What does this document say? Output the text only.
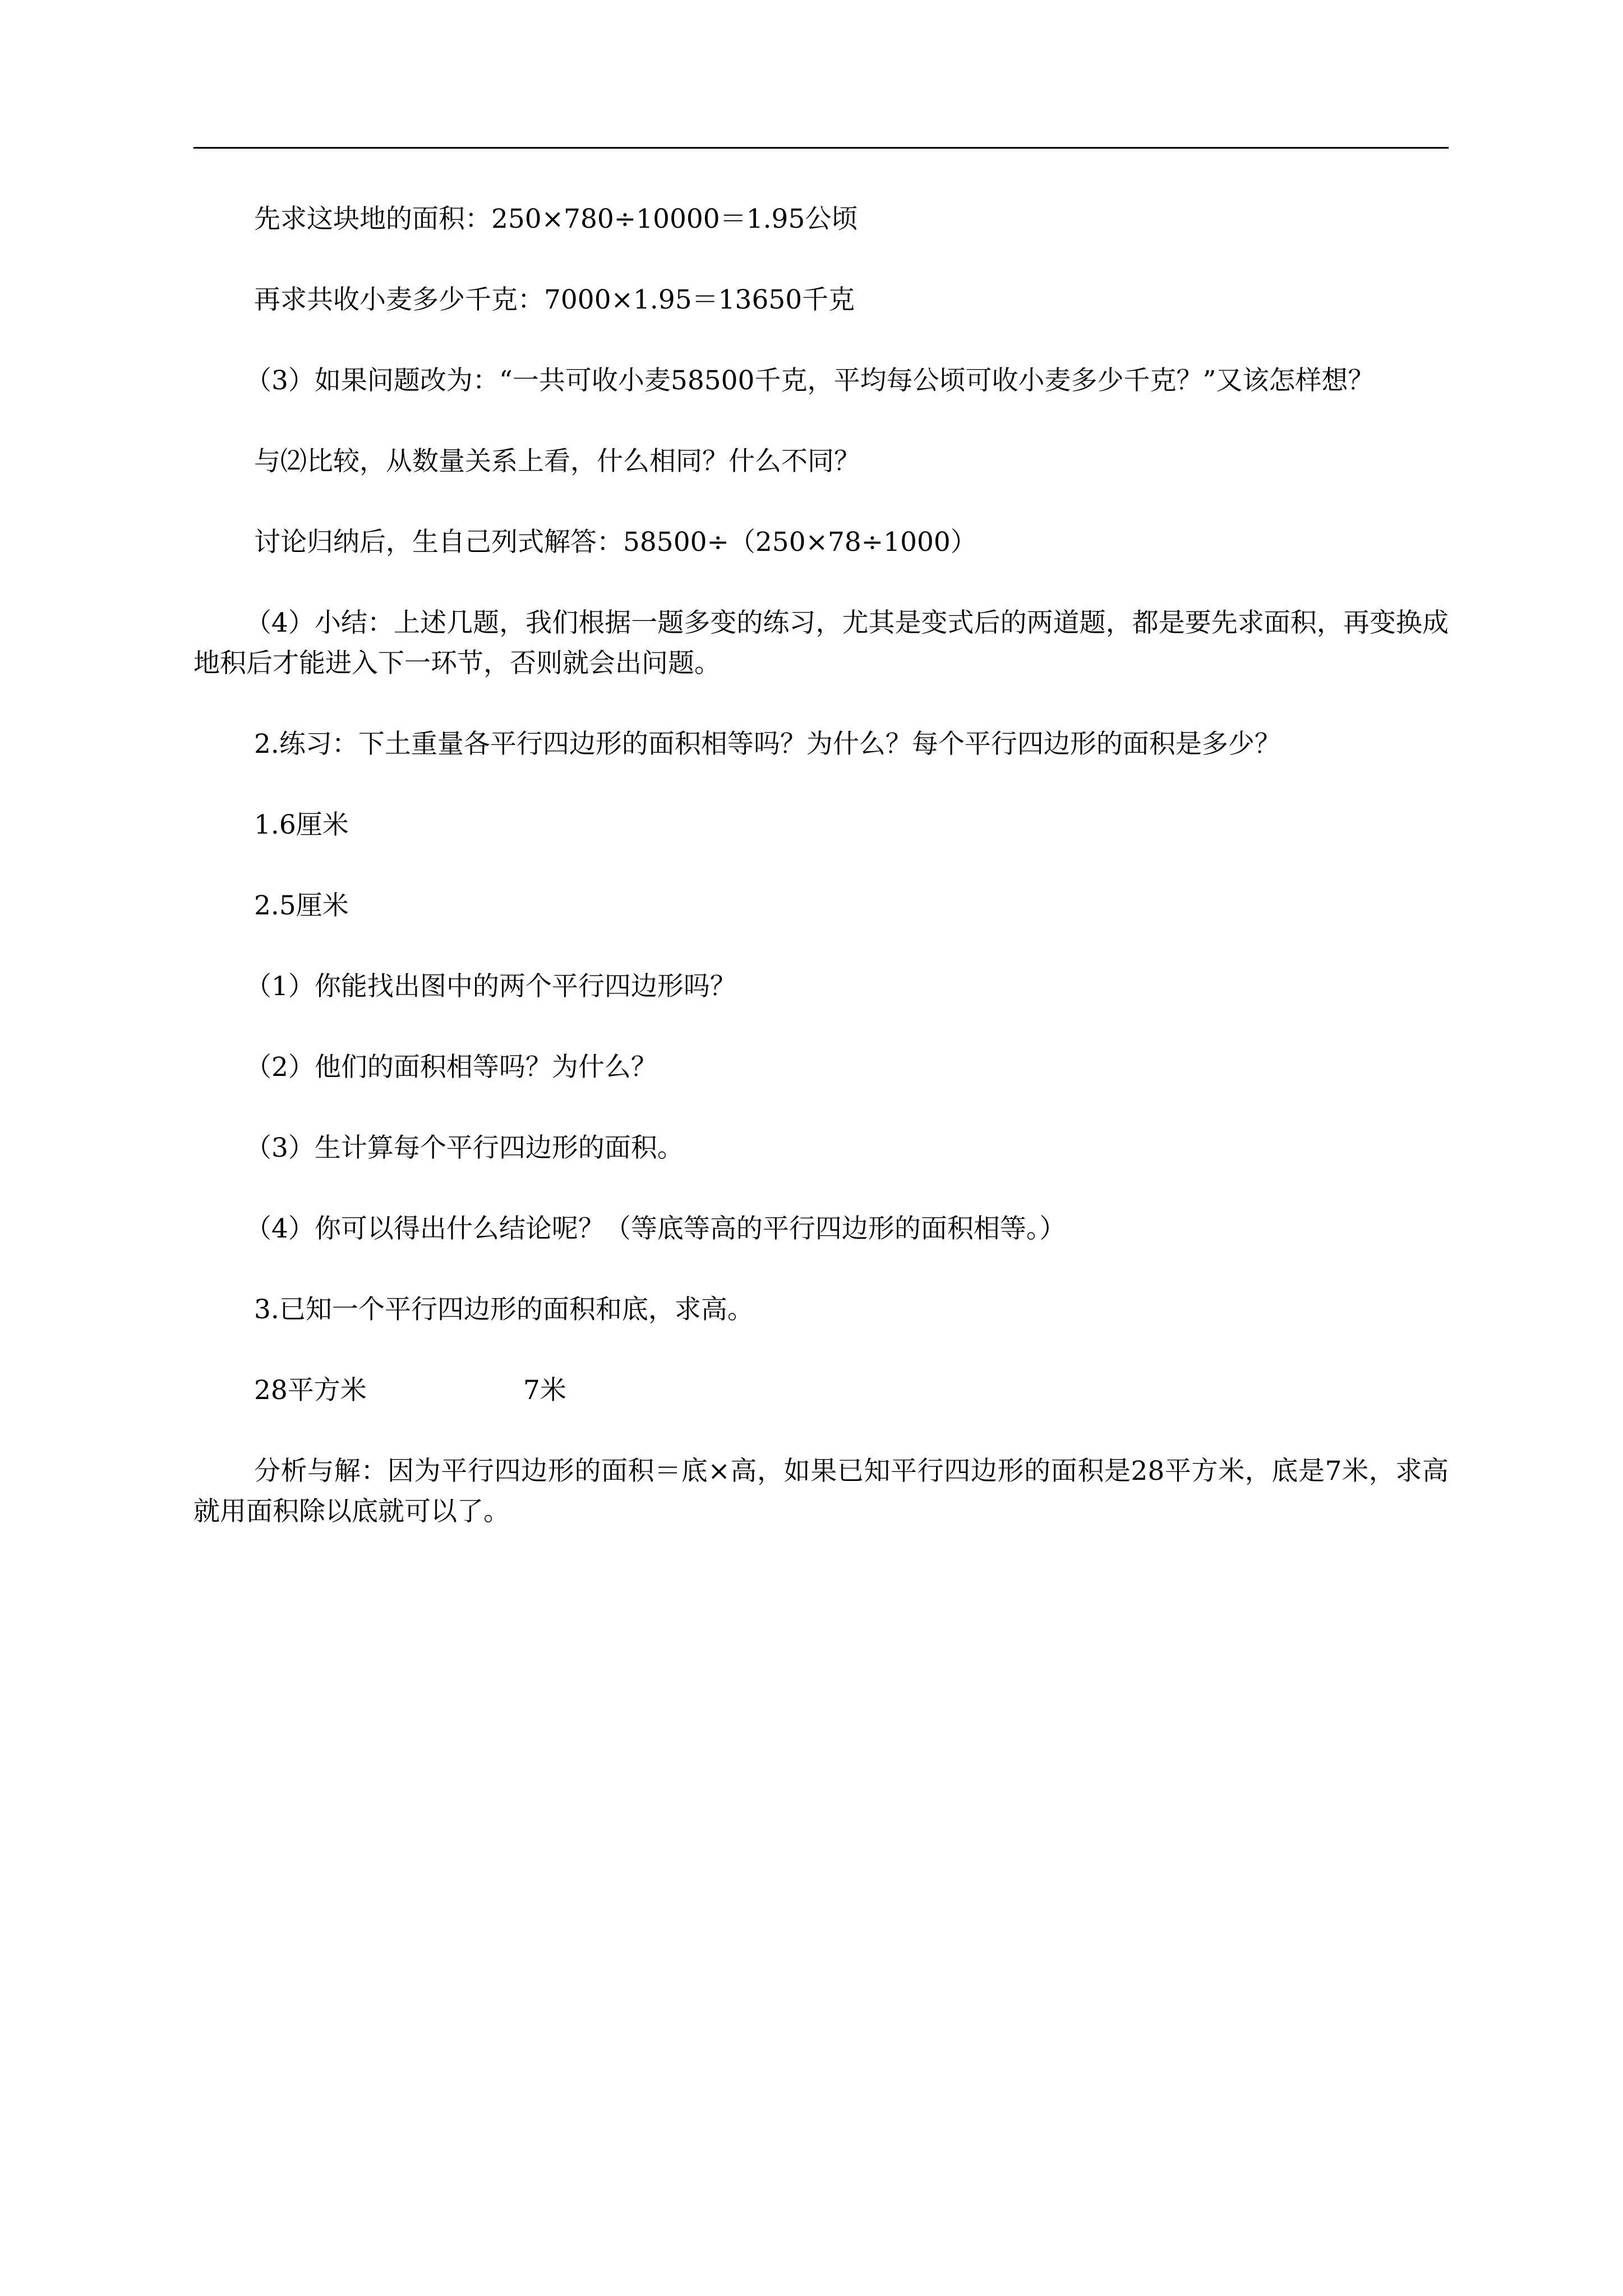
先求这块地的面积：250×780÷10000＝1.95公顷

再求共收小麦多少千克：7000×1.95＝13650千克

（3）如果问题改为：“一共可收小麦58500千克，平均每公顷可收小麦多少千克？”又该怎样想？

与⑵比较，从数量关系上看，什么相同？什么不同？

讨论归纳后，生自己列式解答：58500÷（250×78÷1000）

（4）小结：上述几题，我们根据一题多变的练习，尤其是变式后的两道题，都是要先求面积，再变换成地积后才能进入下一环节，否则就会出问题。

2.练习：下土重量各平行四边形的面积相等吗？为什么？每个平行四边形的面积是多少？

1.6厘米

2.5厘米

（1）你能找出图中的两个平行四边形吗？

（2）他们的面积相等吗？为什么？

（3）生计算每个平行四边形的面积。

（4）你可以得出什么结论呢？（等底等高的平行四边形的面积相等。）

3.已知一个平行四边形的面积和底，求高。

28平方米	7米

分析与解：因为平行四边形的面积＝底×高，如果已知平行四边形的面积是28平方米，底是7米，求高就用面积除以底就可以了。
